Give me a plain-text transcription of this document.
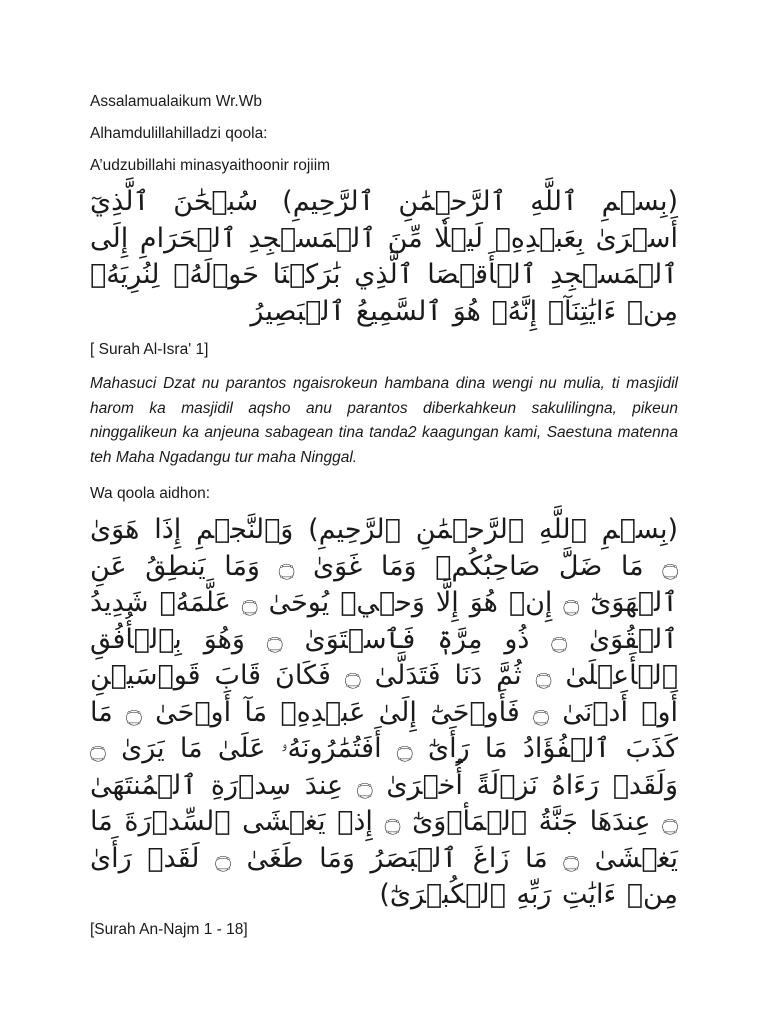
Assalamualaikum Wr.Wb

Alhamdulillahilladzi qoola:

A’udzubillahi minasyaithoonir rojiim

(بِسۡمِ ٱللَّهِ ٱلرَّحۡمَٰنِ ٱلرَّحِيمِ) سُبۡحَٰنَ ٱلَّذِيٓ أَسۡرَىٰ بِعَبۡدِهِۦ لَيۡلٗا مِّنَ ٱلۡمَسۡجِدِ ٱلۡحَرَامِ إِلَى ٱلۡمَسۡجِدِ ٱلۡأَقۡصَا ٱلَّذِي بَٰرَكۡنَا حَوۡلَهُۥ لِنُرِيَهُۥ مِنۡ ءَايَٰتِنَآۚ إِنَّهُۥ هُوَ ٱلسَّمِيعُ ٱلۡبَصِيرُ

[ Surah Al-Isra' 1]

Mahasuci Dzat nu parantos ngaisrokeun hambana dina wengi nu mulia, ti masjidil harom ka masjidil aqsho anu parantos diberkahkeun sakulilingna, pikeun ninggalikeun ka anjeuna sabagean tina tanda2 kaagungan kami, Saestuna matenna teh Maha Ngadangu tur maha Ninggal.

Wa qoola aidhon:

(بِسۡمِ ٱللَّهِ ٱلرَّحۡمَٰنِ ٱلرَّحِيمِ) وَٱلنَّجۡمِ إِذَا هَوَىٰ ۝ مَا ضَلَّ صَاحِبُكُمۡ وَمَا غَوَىٰ ۝ وَمَا يَنطِقُ عَنِ ٱلۡهَوَىٰٓ ۝ إِنۡ هُوَ إِلَّا وَحۡيٞ يُوحَىٰ ۝ عَلَّمَهُۥ شَدِيدُ ٱلۡقُوَىٰ ۝ ذُو مِرَّةٖ فَٱسۡتَوَىٰ ۝ وَهُوَ بِٱلۡأُفُقِ ٱلۡأَعۡلَىٰ ۝ ثُمَّ دَنَا فَتَدَلَّىٰ ۝ فَكَانَ قَابَ قَوۡسَيۡنِ أَوۡ أَدۡنَىٰ ۝ فَأَوۡحَىٰٓ إِلَىٰ عَبۡدِهِۦ مَآ أَوۡحَىٰ ۝ مَا كَذَبَ ٱلۡفُؤَادُ مَا رَأَىٰٓ ۝ أَفَتُمَٰرُونَهُۥ عَلَىٰ مَا يَرَىٰ ۝ وَلَقَدۡ رَءَاهُ نَزۡلَةً أُخۡرَىٰ ۝ عِندَ سِدۡرَةِ ٱلۡمُنتَهَىٰ ۝ عِندَهَا جَنَّةُ ٱلۡمَأۡوَىٰٓ ۝ إِذۡ يَغۡشَى ٱلسِّدۡرَةَ مَا يَغۡشَىٰ ۝ مَا زَاغَ ٱلۡبَصَرُ وَمَا طَغَىٰ ۝ لَقَدۡ رَأَىٰ مِنۡ ءَايَٰتِ رَبِّهِ ٱلۡكُبۡرَىٰٓ)

[Surah An-Najm 1 - 18]
